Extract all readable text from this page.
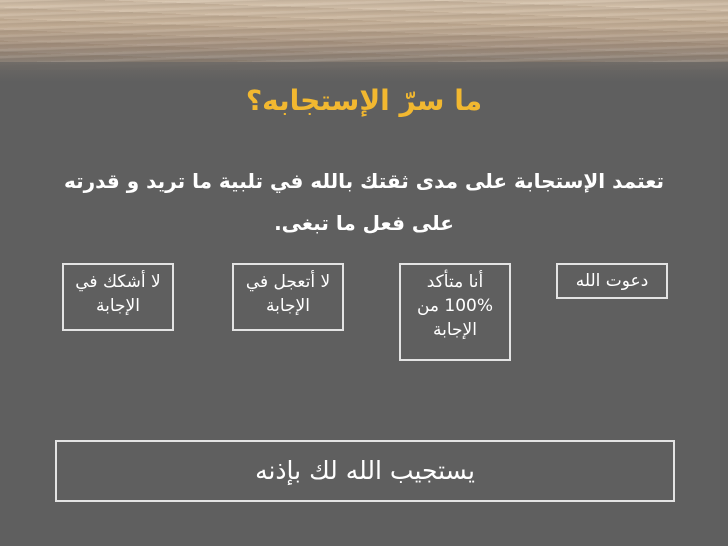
ما سرّ الإستجابه؟
تعتمد الإستجابة على مدى ثقتك بالله في تلبية ما تريد و قدرته
على فعل ما تبغى.
دعوت الله
أنا متأكد
100% من
الإجابة
لا أتعجل في
الإجابة
لا أشكك في
الإجابة
يستجيب الله لك بإذنه
